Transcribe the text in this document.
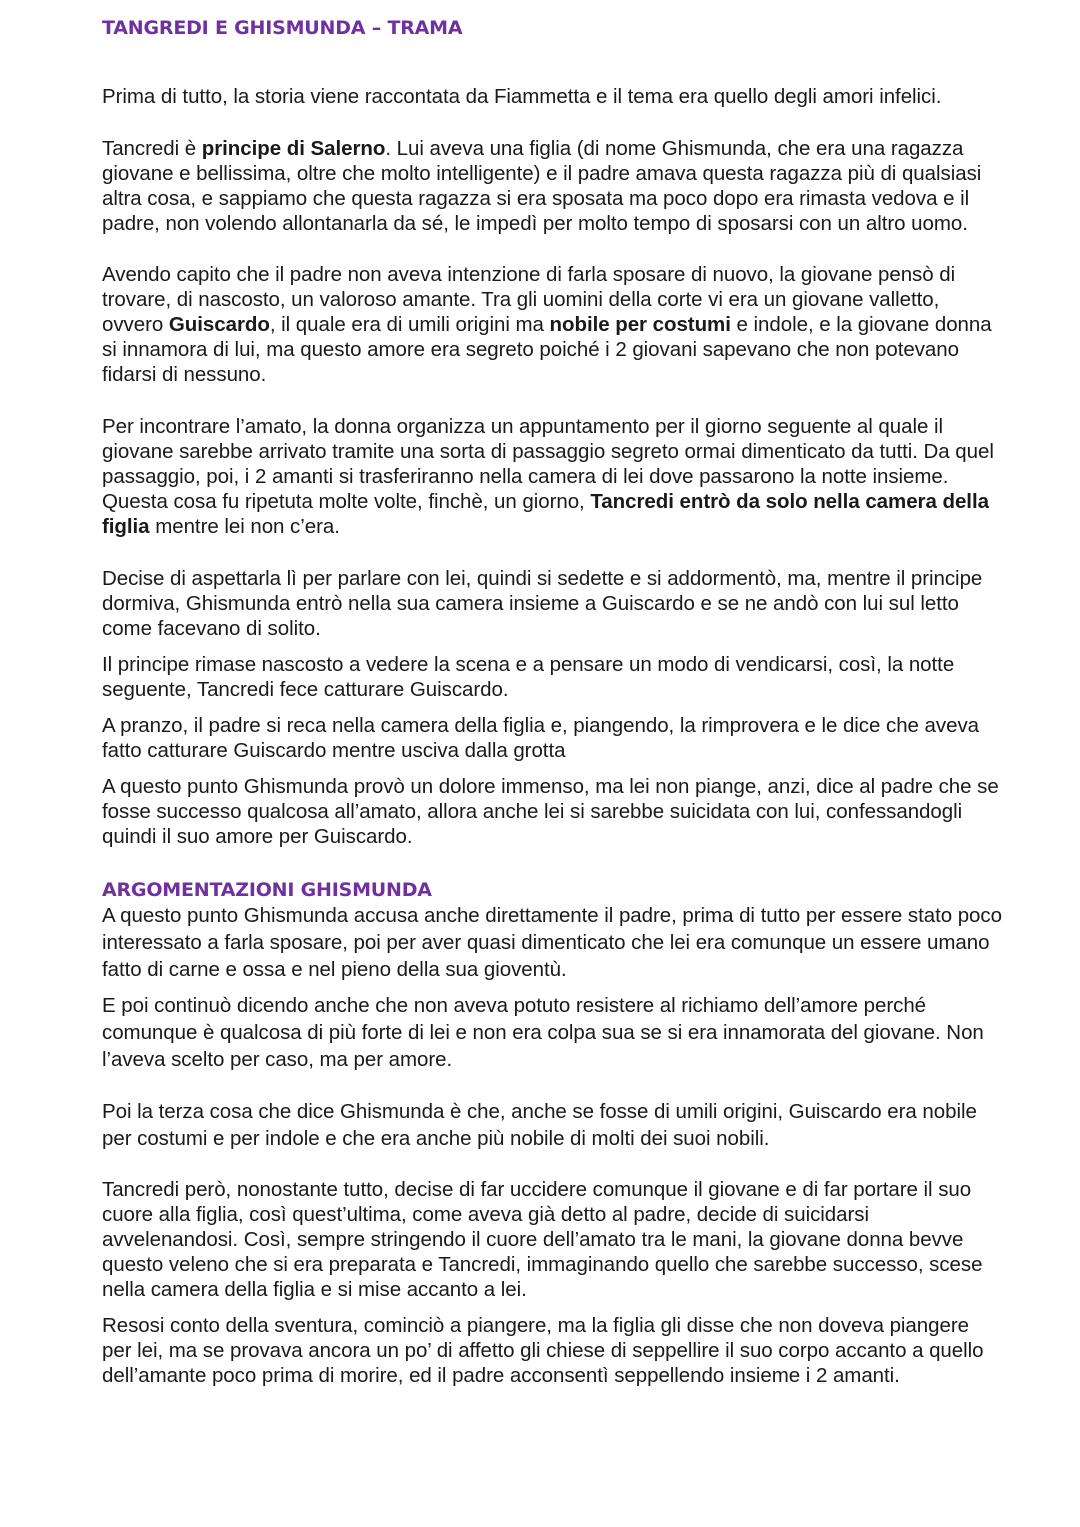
TANGREDI E GHISMUNDA – TRAMA

Prima di tutto, la storia viene raccontata da Fiammetta e il tema era quello degli amori infelici.

Tancredi è principe di Salerno. Lui aveva una figlia (di nome Ghismunda, che era una ragazza giovane e bellissima, oltre che molto intelligente) e il padre amava questa ragazza più di qualsiasi altra cosa, e sappiamo che questa ragazza si era sposata ma poco dopo era rimasta vedova e il padre, non volendo allontanarla da sé, le impedì per molto tempo di sposarsi con un altro uomo.

Avendo capito che il padre non aveva intenzione di farla sposare di nuovo, la giovane pensò di trovare, di nascosto, un valoroso amante. Tra gli uomini della corte vi era un giovane valletto, ovvero Guiscardo, il quale era di umili origini ma nobile per costumi e indole, e la giovane donna si innamora di lui, ma questo amore era segreto poiché i 2 giovani sapevano che non potevano fidarsi di nessuno.

Per incontrare l’amato, la donna organizza un appuntamento per il giorno seguente al quale il giovane sarebbe arrivato tramite una sorta di passaggio segreto ormai dimenticato da tutti. Da quel passaggio, poi, i 2 amanti si trasferiranno nella camera di lei dove passarono la notte insieme. Questa cosa fu ripetuta molte volte, finchè, un giorno, Tancredi entrò da solo nella camera della figlia mentre lei non c’era.

Decise di aspettarla lì per parlare con lei, quindi si sedette e si addormentò, ma, mentre il principe dormiva, Ghismunda entrò nella sua camera insieme a Guiscardo e se ne andò con lui sul letto come facevano di solito.

Il principe rimase nascosto a vedere la scena e a pensare un modo di vendicarsi, così, la notte seguente, Tancredi fece catturare Guiscardo.

A pranzo, il padre si reca nella camera della figlia e, piangendo, la rimprovera e le dice che aveva fatto catturare Guiscardo mentre usciva dalla grotta

A questo punto Ghismunda provò un dolore immenso, ma lei non piange, anzi, dice al padre che se fosse successo qualcosa all’amato, allora anche lei si sarebbe suicidata con lui, confessandogli quindi il suo amore per Guiscardo.

ARGOMENTAZIONI GHISMUNDA

A questo punto Ghismunda accusa anche direttamente il padre, prima di tutto per essere stato poco interessato a farla sposare, poi per aver quasi dimenticato che lei era comunque un essere umano fatto di carne e ossa e nel pieno della sua gioventù.

E poi continuò dicendo anche che non aveva potuto resistere al richiamo dell’amore perché comunque è qualcosa di più forte di lei e non era colpa sua se si era innamorata del giovane. Non l’aveva scelto per caso, ma per amore.

Poi la terza cosa che dice Ghismunda è che, anche se fosse di umili origini, Guiscardo era nobile per costumi e per indole e che era anche più nobile di molti dei suoi nobili.

Tancredi però, nonostante tutto, decise di far uccidere comunque il giovane e di far portare il suo cuore alla figlia, così quest’ultima, come aveva già detto al padre, decide di suicidarsi avvelenandosi. Così, sempre stringendo il cuore dell’amato tra le mani, la giovane donna bevve questo veleno che si era preparata e Tancredi, immaginando quello che sarebbe successo, scese nella camera della figlia e si mise accanto a lei.

Resosi conto della sventura, cominciò a piangere, ma la figlia gli disse che non doveva piangere per lei, ma se provava ancora un po’ di affetto gli chiese di seppellire il suo corpo accanto a quello dell’amante poco prima di morire, ed il padre acconsentì seppellendo insieme i 2 amanti.
